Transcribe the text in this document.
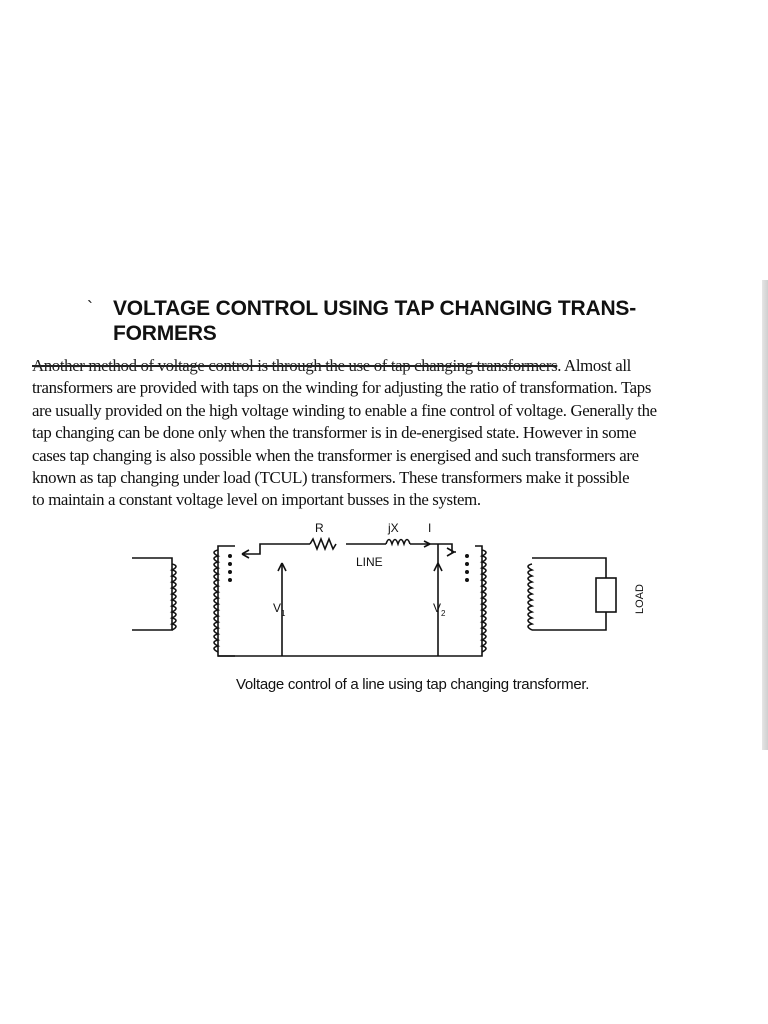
` VOLTAGE CONTROL USING TAP CHANGING TRANS-
FORMERS
Another method of voltage control is through the use of tap changing transformers. Almost all
transformers are provided with taps on the winding for adjusting the ratio of transformation. Taps
are usually provided on the high voltage winding to enable a fine control of voltage. Generally the
tap changing can be done only when the transformer is in de-energised state. However in some
cases tap changing is also possible when the transformer is energised and such transformers are
known as tap changing under load (TCUL) transformers. These transformers make it possible
to maintain a constant voltage level on important busses in the system.
R	jX I
LINE
V 1	V 2	LOAD
Voltage control of a line using tap changing transformer.
